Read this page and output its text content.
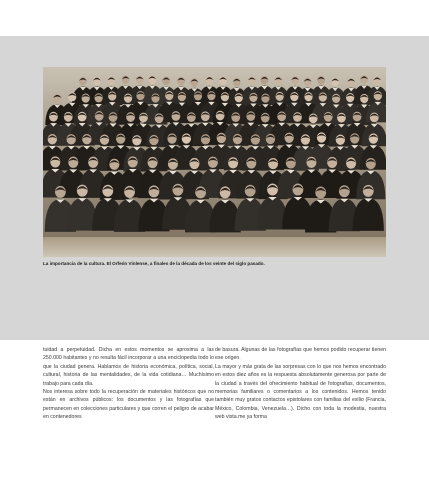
La importancia de la cultura. El Orfeón Vinlense, a finales de la década de los veinte del siglo pasado.

tuidad a perpetuidad. Dicha en estos momentos se aproxima a las 250.000 habitantes y no resulta fácil incorporar a una enciclopedia todo lo que la ciudad genera. Hablamos de historia económica, política, social, cultural, historia de las mentalidades, de la vida cotidiana… Muchísimo trabajo para cada día.

Nos interesa sobre todo la recuperación de materiales históricos que no están en archivos públicos: los documentos y las fotografías que permanecen en colecciones particulares y que corren el peligro de acabar en contenedores

de basura. Algunas de las fotografías que hemos podido recuperar tienen ese origen.

La mayor y más grata de las sorpresas con lo que nos hemos encontrado en estos diez años es la respuesta absolutamente generosa por parte de la ciudad a través del ofrecimiento habitual de fotografías, documentos, memorias familiares o comentarios a los contenidos. Hemos tenido también muy gratos contactos epistolares con familias del exilio (Francia, México, Colombia, Venezuela…). Dicho con toda la modestia, nuestra web vista.me ya forma
